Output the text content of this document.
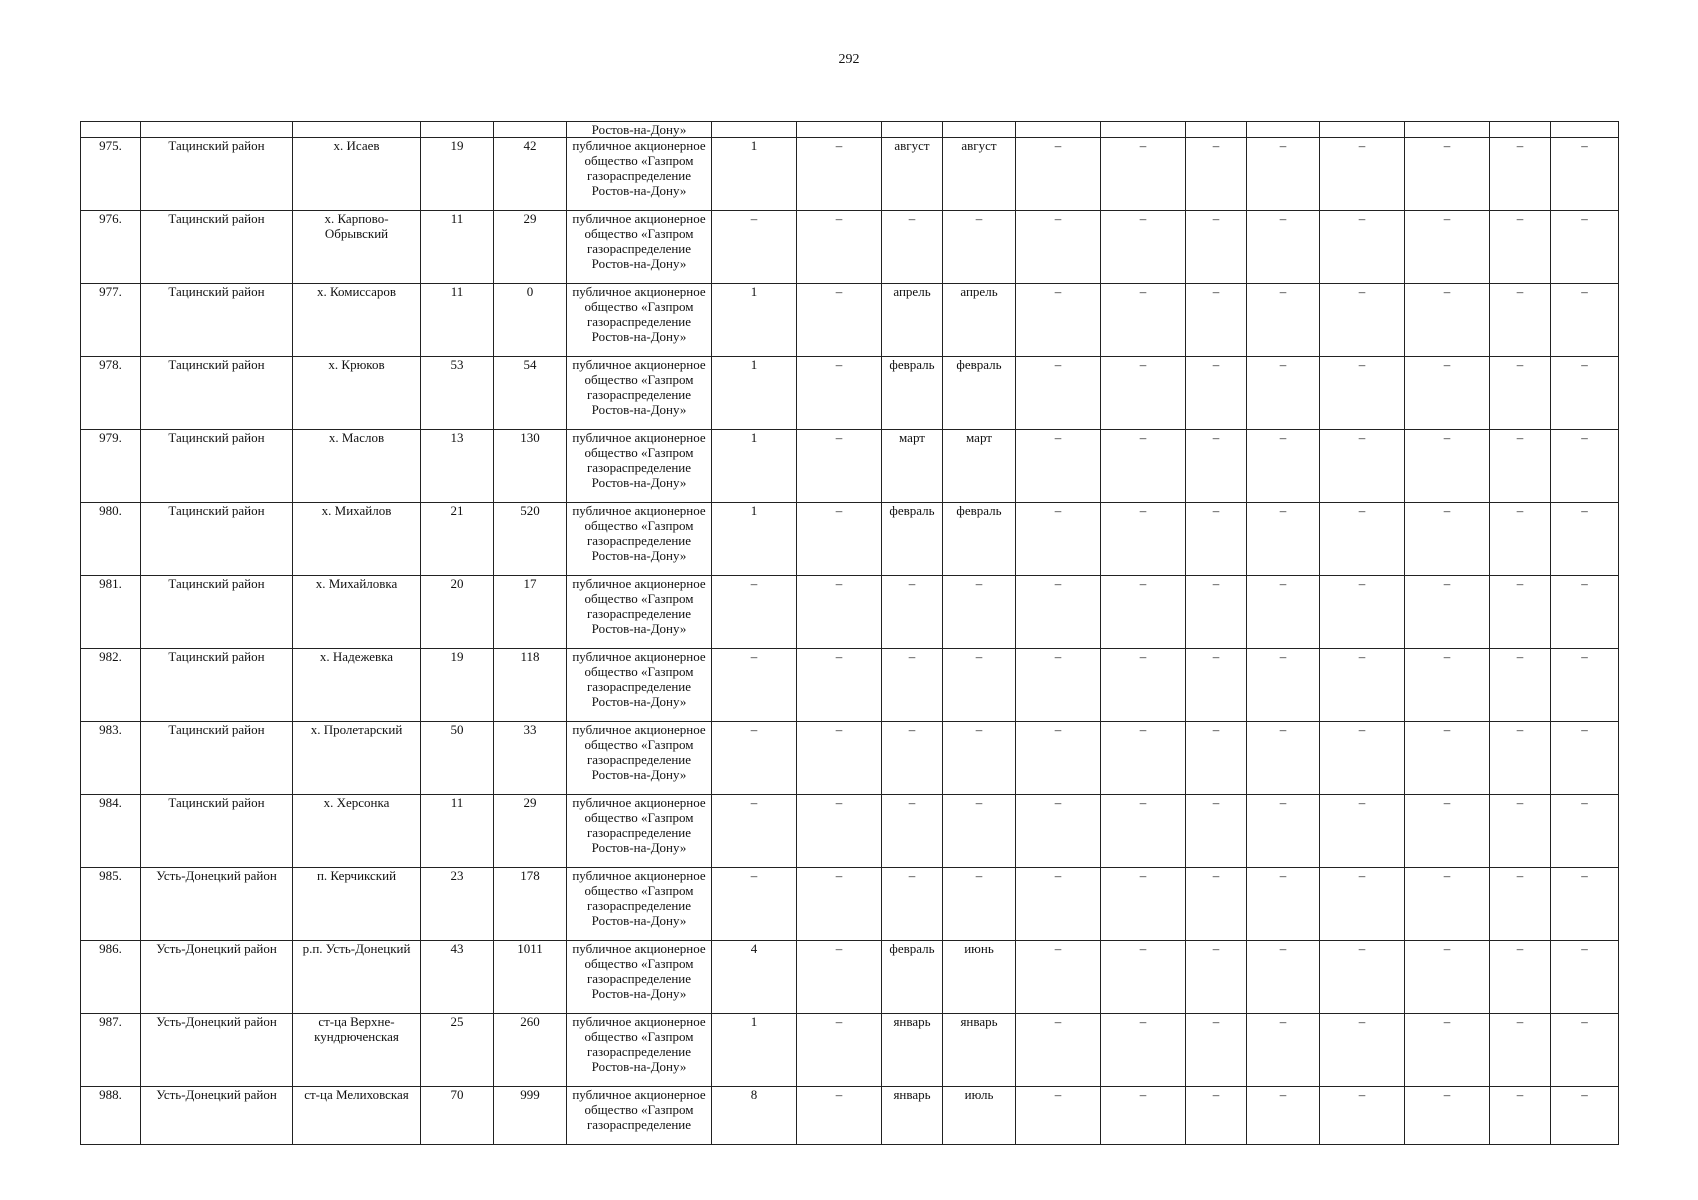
292
					Ростов-на-Дону»												
975.	Тацинский район	х. Исаев	19	42	публичное акционерное общество «Газпром газораспределение Ростов-на-Дону»	1	–	август	август	–	–	–	–	–	–	–	–
976.	Тацинский район	х. Карпово-Обрывский	11	29	публичное акционерное общество «Газпром газораспределение Ростов-на-Дону»	–	–	–	–	–	–	–	–	–	–	–	–
977.	Тацинский район	х. Комиссаров	11	0	публичное акционерное общество «Газпром газораспределение Ростов-на-Дону»	1	–	апрель	апрель	–	–	–	–	–	–	–	–
978.	Тацинский район	х. Крюков	53	54	публичное акционерное общество «Газпром газораспределение Ростов-на-Дону»	1	–	февраль	февраль	–	–	–	–	–	–	–	–
979.	Тацинский район	х. Маслов	13	130	публичное акционерное общество «Газпром газораспределение Ростов-на-Дону»	1	–	март	март	–	–	–	–	–	–	–	–
980.	Тацинский район	х. Михайлов	21	520	публичное акционерное общество «Газпром газораспределение Ростов-на-Дону»	1	–	февраль	февраль	–	–	–	–	–	–	–	–
981.	Тацинский район	х. Михайловка	20	17	публичное акционерное общество «Газпром газораспределение Ростов-на-Дону»	–	–	–	–	–	–	–	–	–	–	–	–
982.	Тацинский район	х. Надежевка	19	118	публичное акционерное общество «Газпром газораспределение Ростов-на-Дону»	–	–	–	–	–	–	–	–	–	–	–	–
983.	Тацинский район	х. Пролетарский	50	33	публичное акционерное общество «Газпром газораспределение Ростов-на-Дону»	–	–	–	–	–	–	–	–	–	–	–	–
984.	Тацинский район	х. Херсонка	11	29	публичное акционерное общество «Газпром газораспределение Ростов-на-Дону»	–	–	–	–	–	–	–	–	–	–	–	–
985.	Усть-Донецкий район	п. Керчикский	23	178	публичное акционерное общество «Газпром газораспределение Ростов-на-Дону»	–	–	–	–	–	–	–	–	–	–	–	–
986.	Усть-Донецкий район	р.п. Усть-Донецкий	43	1011	публичное акционерное общество «Газпром газораспределение Ростов-на-Дону»	4	–	февраль	июнь	–	–	–	–	–	–	–	–
987.	Усть-Донецкий район	ст-ца Верхне-кундрюченская	25	260	публичное акционерное общество «Газпром газораспределение Ростов-на-Дону»	1	–	январь	январь	–	–	–	–	–	–	–	–
988.	Усть-Донецкий район	ст-ца Мелиховская	70	999	публичное акционерное общество «Газпром газораспределение	8	–	январь	июль	–	–	–	–	–	–	–	–
